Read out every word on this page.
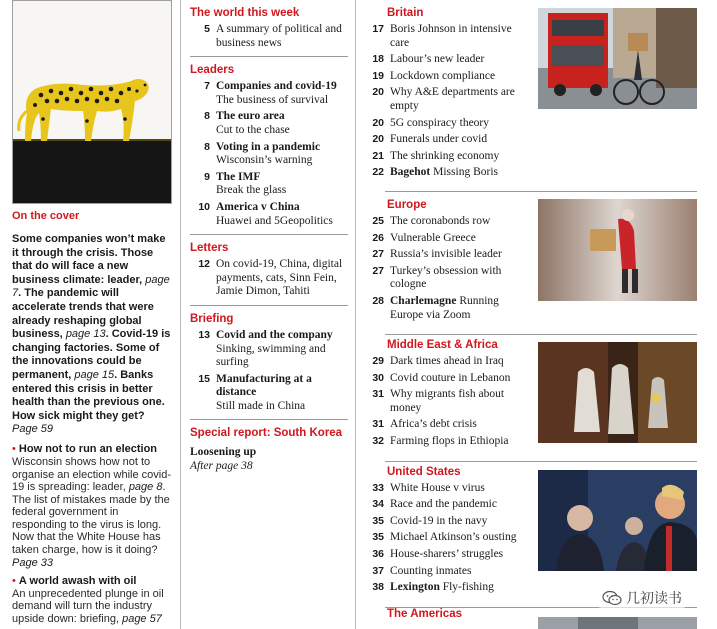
On the cover
Some companies won’t make it through the crisis. Those that do will face a new business climate: leader, page 7. The pandemic will accelerate trends that were already reshaping global business, page 13. Covid-19 is changing factories. Some of the innovations could be permanent, page 15. Banks entered this crisis in better health than the previous one. How sick might they get? Page 59
• How not to run an election
Wisconsin shows how not to organise an election while covid-19 is spreading: leader, page 8. The list of mistakes made by the federal government in responding to the virus is long. Now that the White House has taken charge, how is it doing? Page 33
• A world awash with oil
An unprecedented plunge in oil demand will turn the industry upside down: briefing, page 57
The world this week
5 A summary of political and business news
Leaders
7 Companies and covid-19
The business of survival
8 The euro area
Cut to the chase
8 Voting in a pandemic
Wisconsin’s warning
9 The IMF
Break the glass
10 America v China
Huawei and 5Geopolitics
Letters
12 On covid-19, China, digital payments, cats, Sinn Fein, Jamie Dimon, Tahiti
Briefing
13 Covid and the company
Sinking, swimming and surfing
15 Manufacturing at a distance
Still made in China
Special report: South Korea
Loosening up
After page 38
Britain
17 Boris Johnson in intensive care
18 Labour’s new leader
19 Lockdown compliance
20 Why A&E departments are empty
20 5G conspiracy theory
20 Funerals under covid
21 The shrinking economy
22 Bagehot Missing Boris
Europe
25 The coronabonds row
26 Vulnerable Greece
27 Russia’s invisible leader
27 Turkey’s obsession with cologne
28 Charlemagne Running Europe via Zoom
Middle East & Africa
29 Dark times ahead in Iraq
30 Covid couture in Lebanon
31 Why migrants fish about money
31 Africa’s debt crisis
32 Farming flops in Ethiopia
United States
33 White House v virus
34 Race and the pandemic
35 Covid-19 in the navy
35 Michael Atkinson’s ousting
36 House-sharers’ struggles
37 Counting inmates
38 Lexington Fly-fishing
The Americas
几初读书
